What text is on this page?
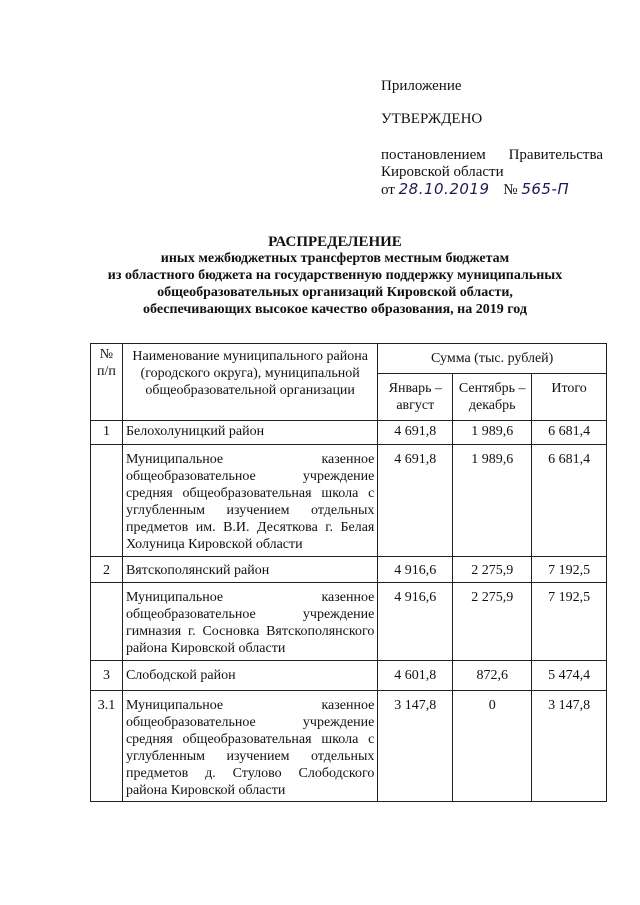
Приложение
УТВЕРЖДЕНО
постановлением Правительства
Кировской области
от 28.10.2019 № 565-П
РАСПРЕДЕЛЕНИЕ
иных межбюджетных трансфертов местным бюджетам
из областного бюджета на государственную поддержку муниципальных
общеобразовательных организаций Кировской области,
обеспечивающих высокое качество образования, на 2019 год
№ п/п	Наименование муниципального района (городского округа), муниципальной общеобразовательной организации	Сумма (тыс. рублей)		
		Январь – август	Сентябрь – декабрь	Итого
1	Белохолуницкий район	4 691,8	1 989,6	6 681,4
	Муниципальное казенное общеобразовательное учреждение средняя общеобразовательная школа с углубленным изучением отдельных предметов им. В.И. Десяткова г. Белая Холуница Кировской области	4 691,8	1 989,6	6 681,4
2	Вятскополянский район	4 916,6	2 275,9	7 192,5
	Муниципальное казенное общеобразовательное учреждение гимназия г. Сосновка Вятскополянского района Кировской области	4 916,6	2 275,9	7 192,5
3	Слободской район	4 601,8	872,6	5 474,4
3.1	Муниципальное казенное общеобразовательное учреждение средняя общеобразовательная школа с углубленным изучением отдельных предметов д. Стулово Слободского района Кировской области	3 147,8	0	3 147,8
